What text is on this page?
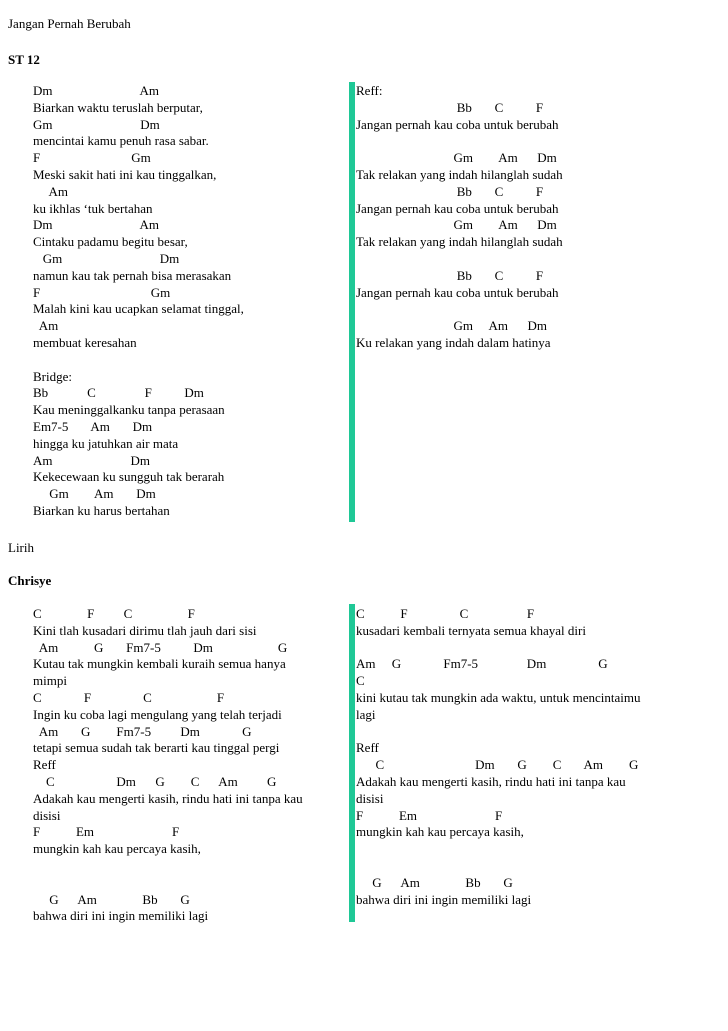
Jangan Pernah Berubah
ST 12
Dm                           Am
Biarkan waktu teruslah berputar,
Gm                           Dm
mencintai kamu penuh rasa sabar.
F                            Gm
Meski sakit hati ini kau tinggalkan,
Am
ku ikhlas ‘tuk bertahan
Dm                           Am
Cintaku padamu begitu besar,
Gm                              Dm
namun kau tak pernah bisa merasakan
F                                  Gm
Malah kini kau ucapkan selamat tinggal,
Am
membuat keresahan
Bridge:
Bb            C               F          Dm
Kau meninggalkanku tanpa perasaan
Em7-5       Am       Dm
hingga ku jatuhkan air mata
Am                        Dm
Kekecewaan ku sungguh tak berarah
Gm        Am       Dm
Biarkan ku harus bertahan
Reff:
Bb       C          F
Jangan pernah kau coba untuk berubah
Gm        Am      Dm
Tak relakan yang indah hilanglah sudah
Bb       C          F
Jangan pernah kau coba untuk berubah
Gm        Am      Dm
Tak relakan yang indah hilanglah sudah
Bb       C          F
Jangan pernah kau coba untuk berubah
Gm     Am      Dm
Ku relakan yang indah dalam hatinya
Lirih
Chrisye
C              F         C                 F
Kini tlah kusadari dirimu tlah jauh dari sisi
Am           G       Fm7-5          Dm                    G
Kutau tak mungkin kembali kuraih semua hanya
mimpi
C             F                C                    F
Ingin ku coba lagi mengulang yang telah terjadi
Am       G        Fm7-5         Dm             G
tetapi semua sudah tak berarti kau tinggal pergi
Reff
C                   Dm      G        C      Am         G
Adakah kau mengerti kasih, rindu hati ini tanpa kau
disisi
F           Em                        F
mungkin kah kau percaya kasih,
G      Am              Bb       G
bahwa diri ini ingin memiliki lagi
C           F                C                  F
kusadari kembali ternyata semua khayal diri
Am     G             Fm7-5               Dm                G
C
kini kutau tak mungkin ada waktu, untuk mencintaimu
lagi
Reff
C                            Dm       G        C       Am        G
Adakah kau mengerti kasih, rindu hati ini tanpa kau
disisi
F           Em                        F
mungkin kah kau percaya kasih,
G      Am              Bb       G
bahwa diri ini ingin memiliki lagi
